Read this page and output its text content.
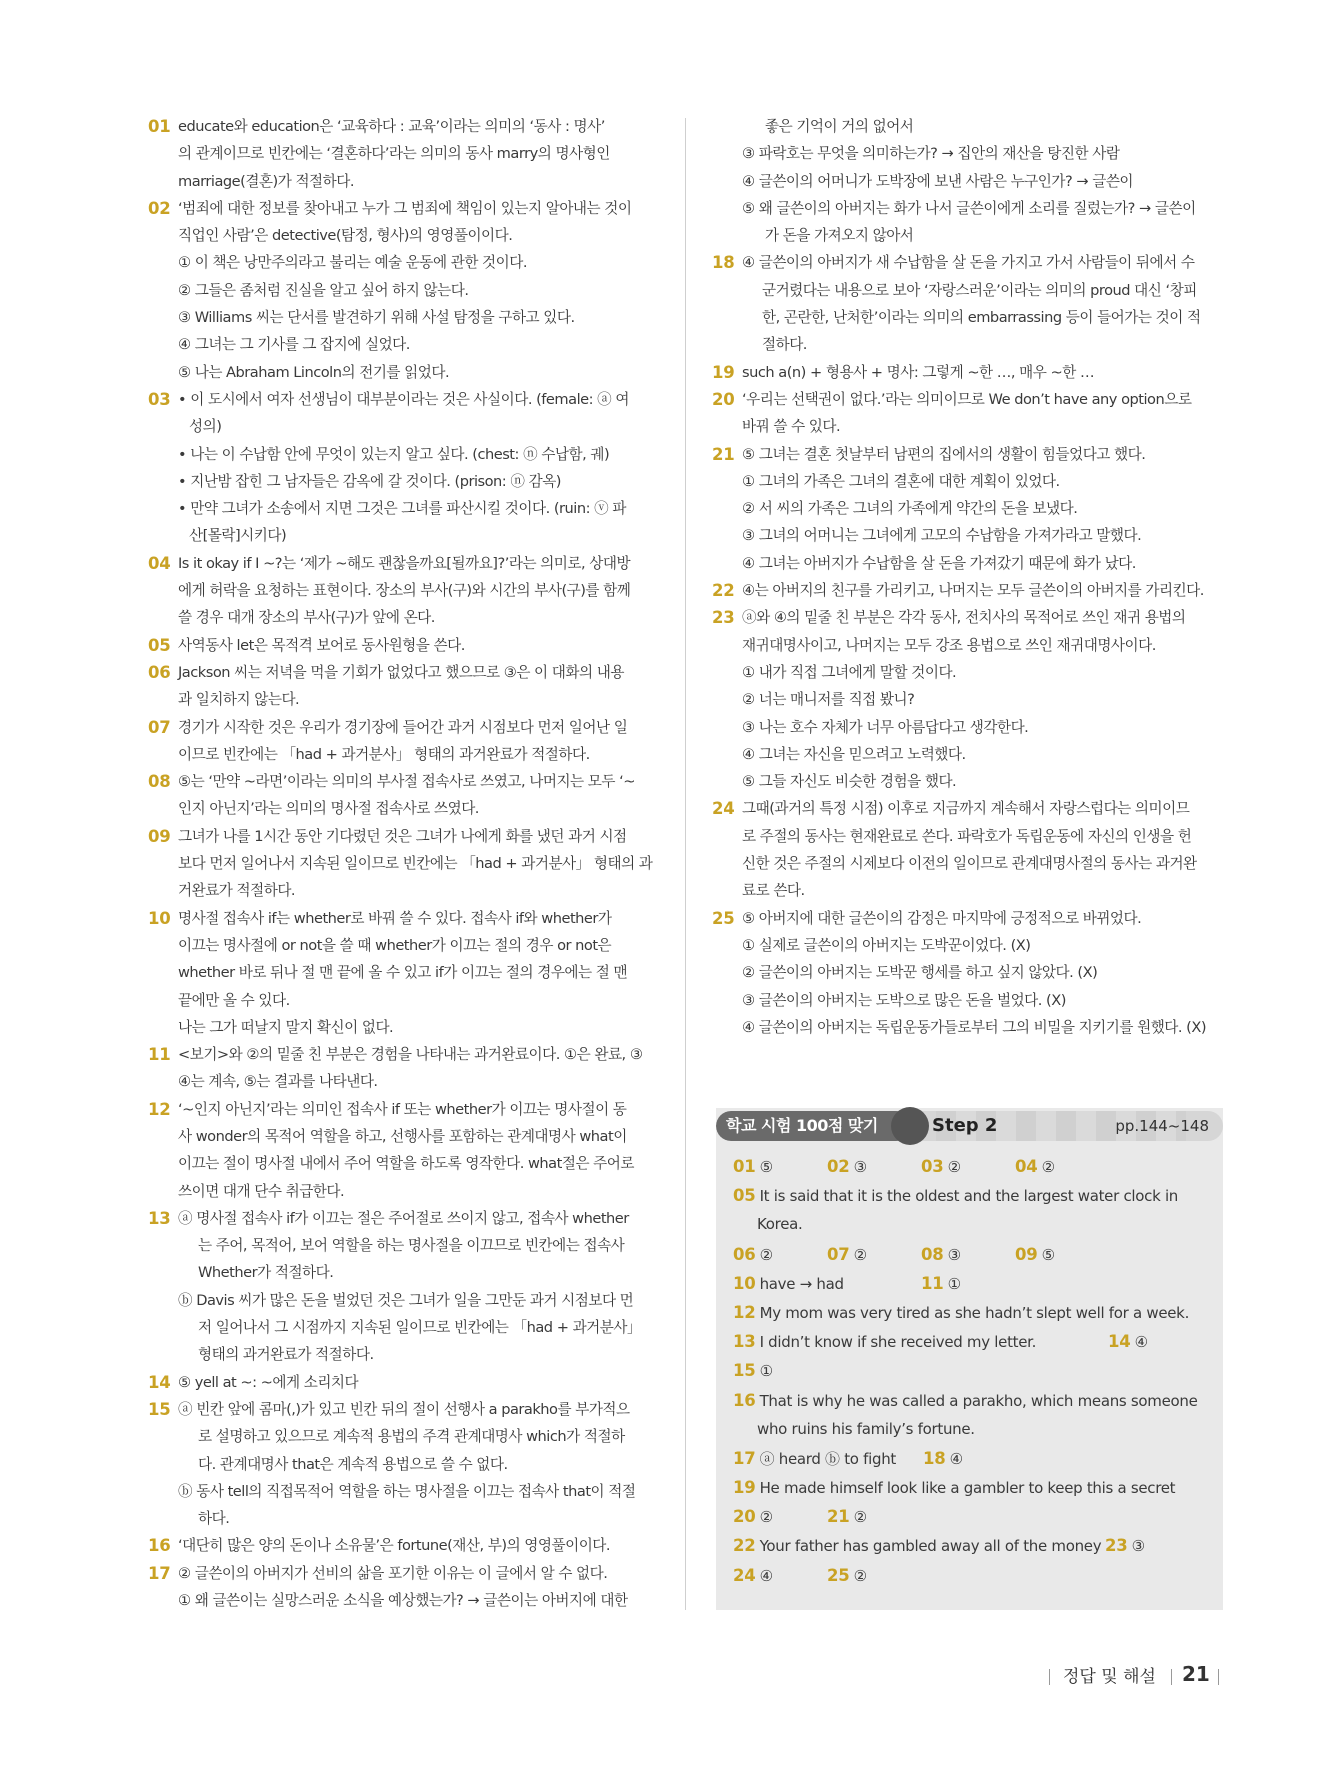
01 educate와 education은 ‘교육하다 : 교육’이라는 의미의 ‘동사 : 명사’
의 관계이므로 빈칸에는 ‘결혼하다’라는 의미의 동사 marry의 명사형인
marriage(결혼)가 적절하다.
02 ‘범죄에 대한 정보를 찾아내고 누가 그 범죄에 책임이 있는지 알아내는 것이
직업인 사람’은 detective(탐정, 형사)의 영영풀이이다.
① 이 책은 낭만주의라고 불리는 예술 운동에 관한 것이다.
② 그들은 좀처럼 진실을 알고 싶어 하지 않는다.
③ Williams 씨는 단서를 발견하기 위해 사설 탐정을 구하고 있다.
④ 그녀는 그 기사를 그 잡지에 실었다.
⑤ 나는 Abraham Lincoln의 전기를 읽었다.
03 • 이 도시에서 여자 선생님이 대부분이라는 것은 사실이다. (female: ⓐ 여
성의)
• 나는 이 수납함 안에 무엇이 있는지 알고 싶다. (chest: ⓝ 수납함, 궤)
• 지난밤 잡힌 그 남자들은 감옥에 갈 것이다. (prison: ⓝ 감옥)
• 만약 그녀가 소송에서 지면 그것은 그녀를 파산시킬 것이다. (ruin: ⓥ 파
산[몰락]시키다)
04 Is it okay if I ~?는 ‘제가 ~해도 괜찮을까요[될까요]?’라는 의미로, 상대방
에게 허락을 요청하는 표현이다. 장소의 부사(구)와 시간의 부사(구)를 함께
쓸 경우 대개 장소의 부사(구)가 앞에 온다.
05 사역동사 let은 목적격 보어로 동사원형을 쓴다.
06 Jackson 씨는 저녁을 먹을 기회가 없었다고 했으므로 ③은 이 대화의 내용
과 일치하지 않는다.
07 경기가 시작한 것은 우리가 경기장에 들어간 과거 시점보다 먼저 일어난 일
이므로 빈칸에는 「had + 과거분사」 형태의 과거완료가 적절하다.
08 ⑤는 ‘만약 ~라면’이라는 의미의 부사절 접속사로 쓰였고, 나머지는 모두 ‘~
인지 아닌지’라는 의미의 명사절 접속사로 쓰였다.
09 그녀가 나를 1시간 동안 기다렸던 것은 그녀가 나에게 화를 냈던 과거 시점
보다 먼저 일어나서 지속된 일이므로 빈칸에는 「had + 과거분사」 형태의 과
거완료가 적절하다.
10 명사절 접속사 if는 whether로 바꿔 쓸 수 있다. 접속사 if와 whether가
이끄는 명사절에 or not을 쓸 때 whether가 이끄는 절의 경우 or not은
whether 바로 뒤나 절 맨 끝에 올 수 있고 if가 이끄는 절의 경우에는 절 맨
끝에만 올 수 있다.
나는 그가 떠날지 말지 확신이 없다.
11 <보기>와 ②의 밑줄 친 부분은 경험을 나타내는 과거완료이다. ①은 완료, ③
④는 계속, ⑤는 결과를 나타낸다.
12 ‘~인지 아닌지’라는 의미인 접속사 if 또는 whether가 이끄는 명사절이 동
사 wonder의 목적어 역할을 하고, 선행사를 포함하는 관계대명사 what이
이끄는 절이 명사절 내에서 주어 역할을 하도록 영작한다. what절은 주어로
쓰이면 대개 단수 취급한다.
13 ⓐ 명사절 접속사 if가 이끄는 절은 주어절로 쓰이지 않고, 접속사 whether
는 주어, 목적어, 보어 역할을 하는 명사절을 이끄므로 빈칸에는 접속사
Whether가 적절하다.
ⓑ Davis 씨가 많은 돈을 벌었던 것은 그녀가 일을 그만둔 과거 시점보다 먼
저 일어나서 그 시점까지 지속된 일이므로 빈칸에는 「had + 과거분사」
형태의 과거완료가 적절하다.
14 ⑤ yell at ~: ~에게 소리치다
15 ⓐ 빈칸 앞에 콤마(,)가 있고 빈칸 뒤의 절이 선행사 a parakho를 부가적으
로 설명하고 있으므로 계속적 용법의 주격 관계대명사 which가 적절하
다. 관계대명사 that은 계속적 용법으로 쓸 수 없다.
ⓑ 동사 tell의 직접목적어 역할을 하는 명사절을 이끄는 접속사 that이 적절
하다.
16 ‘대단히 많은 양의 돈이나 소유물’은 fortune(재산, 부)의 영영풀이이다.
17 ② 글쓴이의 아버지가 선비의 삶을 포기한 이유는 이 글에서 알 수 없다.
① 왜 글쓴이는 실망스러운 소식을 예상했는가? → 글쓴이는 아버지에 대한
좋은 기억이 거의 없어서
③ 파락호는 무엇을 의미하는가? → 집안의 재산을 탕진한 사람
④ 글쓴이의 어머니가 도박장에 보낸 사람은 누구인가? → 글쓴이
⑤ 왜 글쓴이의 아버지는 화가 나서 글쓴이에게 소리를 질렀는가? → 글쓴이
가 돈을 가져오지 않아서
18 ④ 글쓴이의 아버지가 새 수납함을 살 돈을 가지고 가서 사람들이 뒤에서 수
군거렸다는 내용으로 보아 ‘자랑스러운’이라는 의미의 proud 대신 ‘창피
한, 곤란한, 난처한’이라는 의미의 embarrassing 등이 들어가는 것이 적
절하다.
19 such a(n) + 형용사 + 명사: 그렇게 ~한 …, 매우 ~한 …
20 ‘우리는 선택권이 없다.’라는 의미이므로 We don’t have any option으로
바꿔 쓸 수 있다.
21 ⑤ 그녀는 결혼 첫날부터 남편의 집에서의 생활이 힘들었다고 했다.
① 그녀의 가족은 그녀의 결혼에 대한 계획이 있었다.
② 서 씨의 가족은 그녀의 가족에게 약간의 돈을 보냈다.
③ 그녀의 어머니는 그녀에게 고모의 수납함을 가져가라고 말했다.
④ 그녀는 아버지가 수납함을 살 돈을 가져갔기 때문에 화가 났다.
22 ④는 아버지의 친구를 가리키고, 나머지는 모두 글쓴이의 아버지를 가리킨다.
23 ⓐ와 ④의 밑줄 친 부분은 각각 동사, 전치사의 목적어로 쓰인 재귀 용법의
재귀대명사이고, 나머지는 모두 강조 용법으로 쓰인 재귀대명사이다.
① 내가 직접 그녀에게 말할 것이다.
② 너는 매니저를 직접 봤니?
③ 나는 호수 자체가 너무 아름답다고 생각한다.
④ 그녀는 자신을 믿으려고 노력했다.
⑤ 그들 자신도 비슷한 경험을 했다.
24 그때(과거의 특정 시점) 이후로 지금까지 계속해서 자랑스럽다는 의미이므
로 주절의 동사는 현재완료로 쓴다. 파락호가 독립운동에 자신의 인생을 헌
신한 것은 주절의 시제보다 이전의 일이므로 관계대명사절의 동사는 과거완
료로 쓴다.
25 ⑤ 아버지에 대한 글쓴이의 감정은 마지막에 긍정적으로 바뀌었다.
① 실제로 글쓴이의 아버지는 도박꾼이었다. (X)
② 글쓴이의 아버지는 도박꾼 행세를 하고 싶지 않았다. (X)
③ 글쓴이의 아버지는 도박으로 많은 돈을 벌었다. (X)
④ 글쓴이의 아버지는 독립운동가들로부터 그의 비밀을 지키기를 원했다. (X)
학교 시험 100점 맞기	Step 2	pp.144~148
01 ⑤	02 ③	03 ②	04 ②
05 It is said that it is the oldest and the largest water clock in
Korea.
06 ②	07 ②	08 ③	09 ⑤
10 have → had	11 ①
12 My mom was very tired as she hadn’t slept well for a week.
13 I didn’t know if she received my letter.	14 ④
15 ①
16 That is why he was called a parakho, which means someone
who ruins his family’s fortune.
17 ⓐ heard ⓑ to fight 18 ④
19 He made himself look like a gambler to keep this a secret
20 ②	21 ②
22 Your father has gambled away all of the money 23 ③
24 ④	25 ②
정답 및 해설 21
